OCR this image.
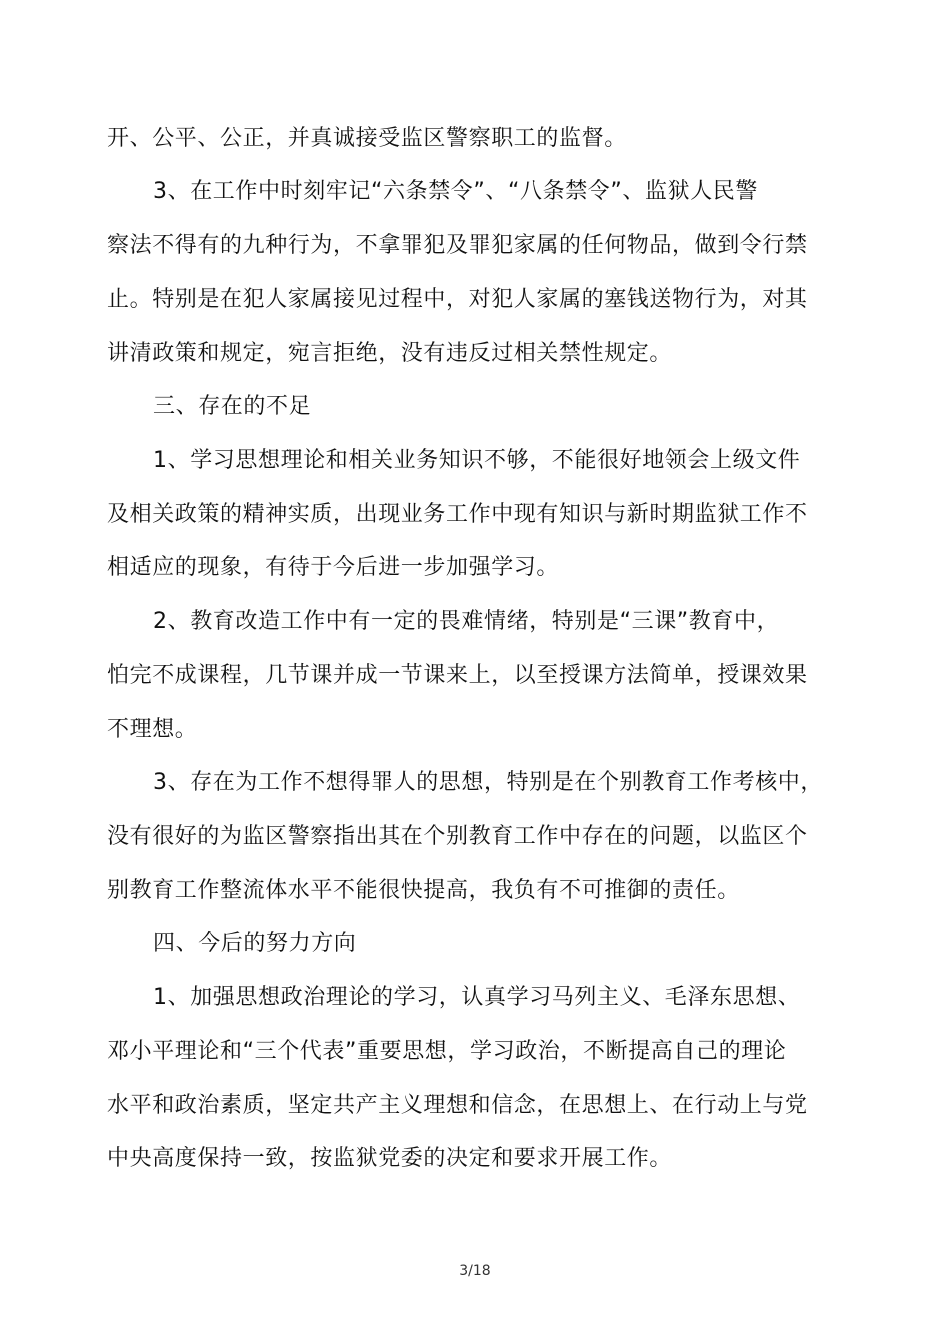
开、公平、公正，并真诚接受监区警察职工的监督。
3、在工作中时刻牢记“六条禁令”、“八条禁令”、监狱人民警
察法不得有的九种行为，不拿罪犯及罪犯家属的任何物品，做到令行禁
止。特别是在犯人家属接见过程中，对犯人家属的塞钱送物行为，对其
讲清政策和规定，宛言拒绝，没有违反过相关禁性规定。
三、存在的不足
1、学习思想理论和相关业务知识不够，不能很好地领会上级文件
及相关政策的精神实质，出现业务工作中现有知识与新时期监狱工作不
相适应的现象，有待于今后进一步加强学习。
2、教育改造工作中有一定的畏难情绪，特别是“三课”教育中，
怕完不成课程，几节课并成一节课来上，以至授课方法简单，授课效果
不理想。
3、存在为工作不想得罪人的思想，特别是在个别教育工作考核中，
没有很好的为监区警察指出其在个别教育工作中存在的问题，以监区个
别教育工作整流体水平不能很快提高，我负有不可推御的责任。
四、今后的努力方向
1、加强思想政治理论的学习，认真学习马列主义、毛泽东思想、
邓小平理论和“三个代表”重要思想，学习政治，不断提高自己的理论
水平和政治素质，坚定共产主义理想和信念，在思想上、在行动上与党
中央高度保持一致，按监狱党委的决定和要求开展工作。
3/18
